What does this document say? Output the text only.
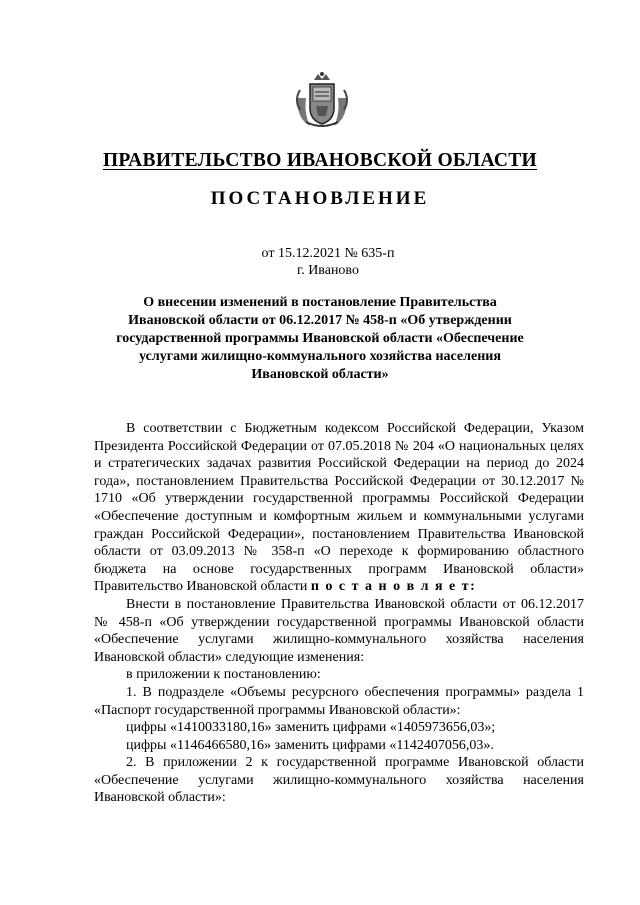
ПРАВИТЕЛЬСТВО ИВАНОВСКОЙ ОБЛАСТИ
ПОСТАНОВЛЕНИЕ
от 15.12.2021 № 635-п
г. Иваново
О внесении изменений в постановление Правительства
Ивановской области от 06.12.2017 № 458-п «Об утверждении
государственной программы Ивановской области «Обеспечение
услугами жилищно-коммунального хозяйства населения
Ивановской области»

В соответствии с Бюджетным кодексом Российской Федерации, Указом Президента Российской Федерации от 07.05.2018 № 204 «О национальных целях и стратегических задачах развития Российской Федерации на период до 2024 года», постановлением Правительства Российской Федерации от 30.12.2017 № 1710 «Об утверждении государственной программы Российской Федерации «Обеспечение доступным и комфортным жильем и коммунальными услугами граждан Российской Федерации», постановлением Правительства Ивановской области от 03.09.2013 № 358-п «О переходе к формированию областного бюджета на основе государственных программ Ивановской области» Правительство Ивановской области п о с т а н о в л я е т:

Внести в постановление Правительства Ивановской области от 06.12.2017 № 458-п «Об утверждении государственной программы Ивановской области «Обеспечение услугами жилищно-коммунального хозяйства населения Ивановской области» следующие изменения:

в приложении к постановлению:

1. В подразделе «Объемы ресурсного обеспечения программы» раздела 1 «Паспорт государственной программы Ивановской области»:

цифры «1410033180,16» заменить цифрами «1405973656,03»;

цифры «1146466580,16» заменить цифрами «1142407056,03».

2. В приложении 2 к государственной программе Ивановской области «Обеспечение услугами жилищно-коммунального хозяйства населения Ивановской области»:
